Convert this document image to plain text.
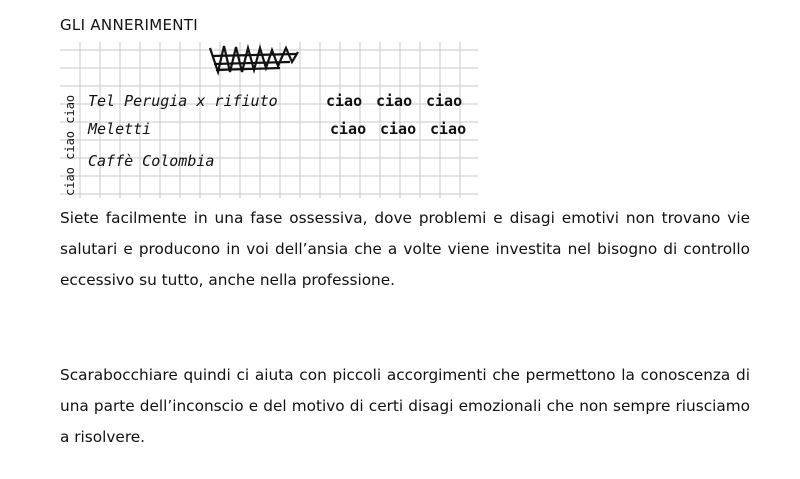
GLI ANNERIMENTI
ciao ciao ciao Tel Perugia x rifiuto
Meletti
Caffè Colombia
ciao ciao ciao
ciao ciao ciao

Siete facilmente in una fase ossessiva, dove problemi e disagi emotivi non trovano vie salutari e producono in voi dell’ansia che a volte viene investita nel bisogno di controllo eccessivo su tutto, anche nella professione.

Scarabocchiare quindi ci aiuta con piccoli accorgimenti che permettono la conoscenza di una parte dell’inconscio e del motivo di certi disagi emozionali che non sempre riusciamo a risolvere.
